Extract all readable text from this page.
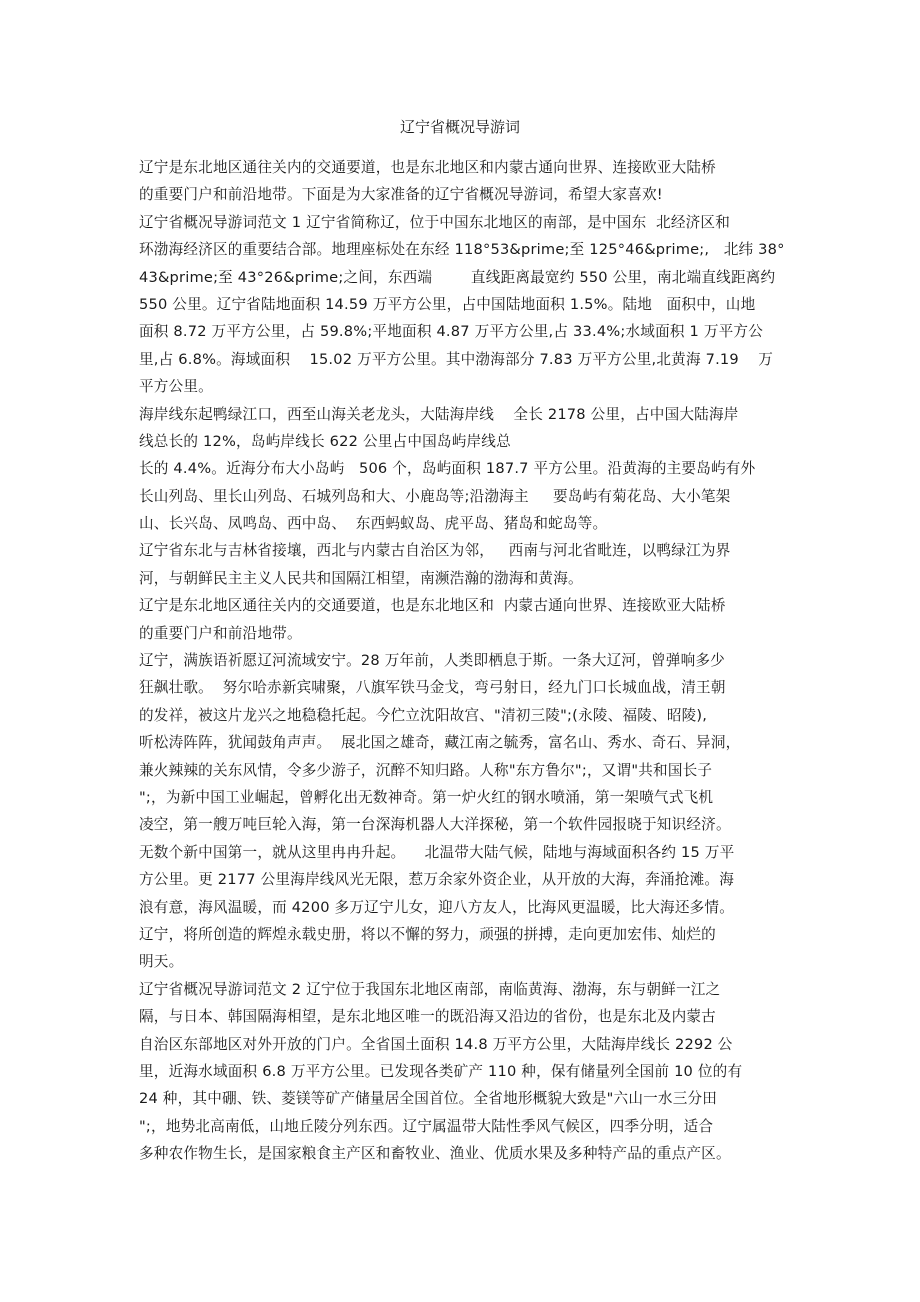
辽宁省概况导游词
辽宁是东北地区通往关内的交通要道，也是东北地区和内蒙古通向世界、连接欧亚大陆桥
的重要门户和前沿地带。下面是为大家准备的辽宁省概况导游词，希望大家喜欢!
辽宁省概况导游词范文 1 辽宁省简称辽，位于中国东北地区的南部，是中国东  北经济区和
环渤海经济区的重要结合部。地理座标处在东经 118°53&prime;至 125°46&prime;,   北纬 38°
43&prime;至 43°26&prime;之间，东西端        直线距离最宽约 550 公里，南北端直线距离约
550 公里。辽宁省陆地面积 14.59 万平方公里，占中国陆地面积 1.5%。陆地   面积中，山地
面积 8.72 万平方公里，占 59.8%;平地面积 4.87 万平方公里,占 33.4%;水域面积 1 万平方公
里,占 6.8%。海域面积    15.02 万平方公里。其中渤海部分 7.83 万平方公里,北黄海 7.19    万
平方公里。
海岸线东起鸭绿江口，西至山海关老龙头，大陆海岸线    全长 2178 公里，占中国大陆海岸
线总长的 12%，岛屿岸线长 622 公里占中国岛屿岸线总
长的 4.4%。近海分布大小岛屿   506 个，岛屿面积 187.7 平方公里。沿黄海的主要岛屿有外
长山列岛、里长山列岛、石城列岛和大、小鹿岛等;沿渤海主     要岛屿有菊花岛、大小笔架
山、长兴岛、凤鸣岛、西中岛、  东西蚂蚁岛、虎平岛、猪岛和蛇岛等。
辽宁省东北与吉林省接壤，西北与内蒙古自治区为邻，   西南与河北省毗连，以鸭绿江为界
河，与朝鲜民主主义人民共和国隔江相望，南濒浩瀚的渤海和黄海。
辽宁是东北地区通往关内的交通要道，也是东北地区和  内蒙古通向世界、连接欧亚大陆桥
的重要门户和前沿地带。
辽宁，满族语祈愿辽河流域安宁。28 万年前，人类即栖息于斯。一条大辽河，曾弹响多少
狂飙壮歌。  努尔哈赤新宾啸聚，八旗军铁马金戈，弯弓射日，经九门口长城血战，清王朝
的发祥，被这片龙兴之地稳稳托起。今伫立沈阳故宫、"清初三陵";(永陵、福陵、昭陵),
听松涛阵阵，犹闻鼓角声声。  展北国之雄奇，藏江南之毓秀，富名山、秀水、奇石、异洞，
兼火辣辣的关东风情，令多少游子，沉醉不知归路。人称"东方鲁尔";，又谓"共和国长子
";，为新中国工业崛起，曾孵化出无数神奇。第一炉火红的钢水喷涌，第一架喷气式飞机
凌空，第一艘万吨巨轮入海，第一台深海机器人大洋探秘，第一个软件园报晓于知识经济。
无数个新中国第一，就从这里冉冉升起。    北温带大陆气候，陆地与海域面积各约 15 万平
方公里。更 2177 公里海岸线风光无限，惹万余家外资企业，从开放的大海，奔涌抢滩。海
浪有意，海风温暖，而 4200 多万辽宁儿女，迎八方友人，比海风更温暖，比大海还多情。
辽宁，将所创造的辉煌永载史册，将以不懈的努力，顽强的拼搏，走向更加宏伟、灿烂的
明天。
辽宁省概况导游词范文 2 辽宁位于我国东北地区南部，南临黄海、渤海，东与朝鲜一江之
隔，与日本、韩国隔海相望，是东北地区唯一的既沿海又沿边的省份，也是东北及内蒙古
自治区东部地区对外开放的门户。全省国土面积 14.8 万平方公里，大陆海岸线长 2292 公
里，近海水域面积 6.8 万平方公里。已发现各类矿产 110 种，保有储量列全国前 10 位的有
24 种，其中硼、铁、菱镁等矿产储量居全国首位。全省地形概貌大致是"六山一水三分田
";，地势北高南低，山地丘陵分列东西。辽宁属温带大陆性季风气候区，四季分明，适合
多种农作物生长，是国家粮食主产区和畜牧业、渔业、优质水果及多种特产品的重点产区。
